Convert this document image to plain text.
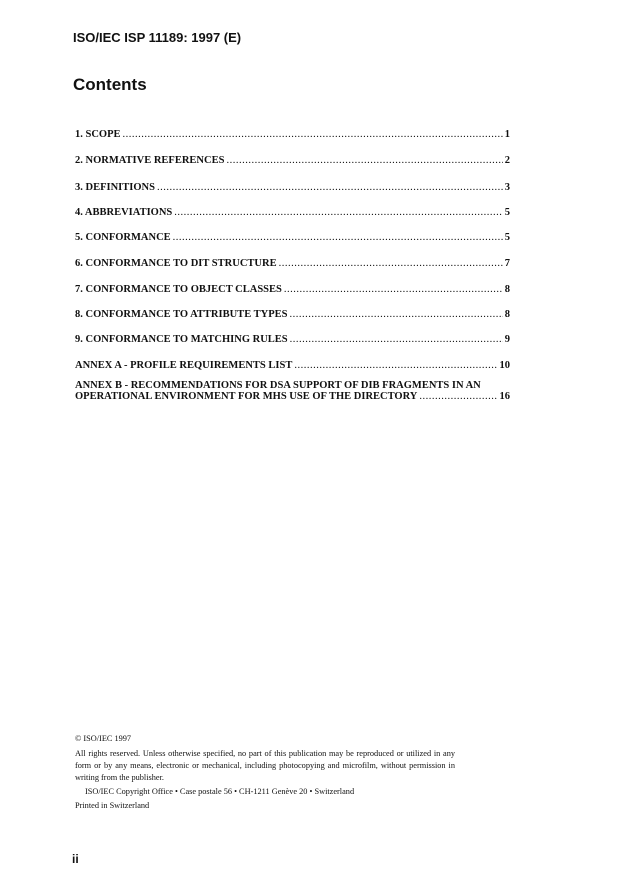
ISO/IEC ISP 11189: 1997 (E)
Contents
1. SCOPE .....	1
2. NORMATIVE REFERENCES .....	2
3. DEFINITIONS .....	3
4. ABBREVIATIONS .....	5
5. CONFORMANCE .....	5
6. CONFORMANCE TO DIT STRUCTURE .....	7
7. CONFORMANCE TO OBJECT CLASSES .....	8
8. CONFORMANCE TO ATTRIBUTE TYPES .....	8
9. CONFORMANCE TO MATCHING RULES .....	9
ANNEX A - PROFILE REQUIREMENTS LIST .....	10
ANNEX B - RECOMMENDATIONS FOR DSA SUPPORT OF DIB FRAGMENTS IN AN
OPERATIONAL ENVIRONMENT FOR MHS USE OF THE DIRECTORY .....	16
© ISO/IEC 1997
All rights reserved. Unless otherwise specified, no part of this publication may be reproduced or utilized in any form or by any means, electronic or mechanical, including photocopying and microfilm, without permission in writing from the publisher.
ISO/IEC Copyright Office • Case postale 56 • CH-1211 Genève 20 • Switzerland
Printed in Switzerland
ii
